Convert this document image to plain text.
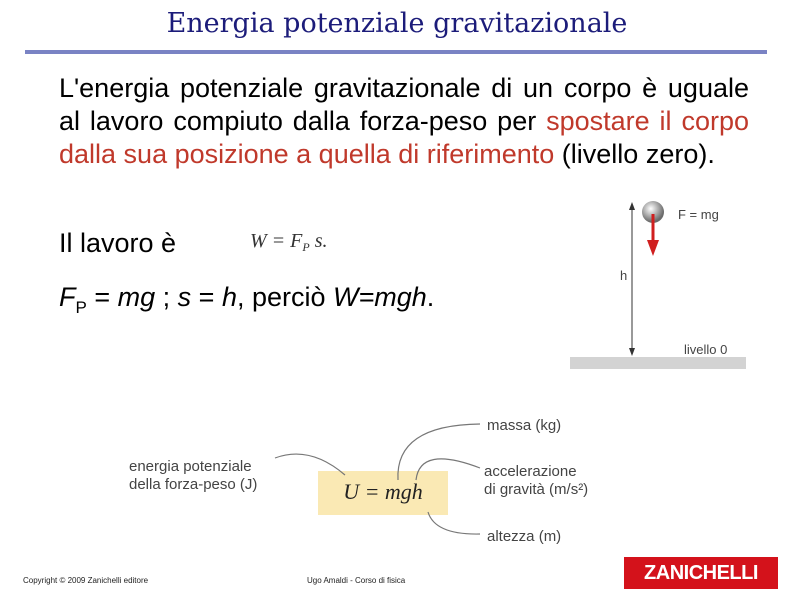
Energia potenziale gravitazionale
L'energia potenziale gravitazionale di un corpo è uguale al lavoro compiuto dalla forza-peso per spostare il corpo dalla sua posizione a quella di riferimento (livello zero).
Il lavoro è	$W = F_P$ s.
$F_P$ = mg ; s = h, perciò W=mgh.
F = mg
h
livello 0
U = mgh
energia potenziale
della forza-peso (J)
massa (kg)
accelerazione
di gravità (m/s²)
altezza (m)
Copyright © 2009 Zanichelli editore	Ugo Amaldi - Corso di fisica	ZANICHELLI
